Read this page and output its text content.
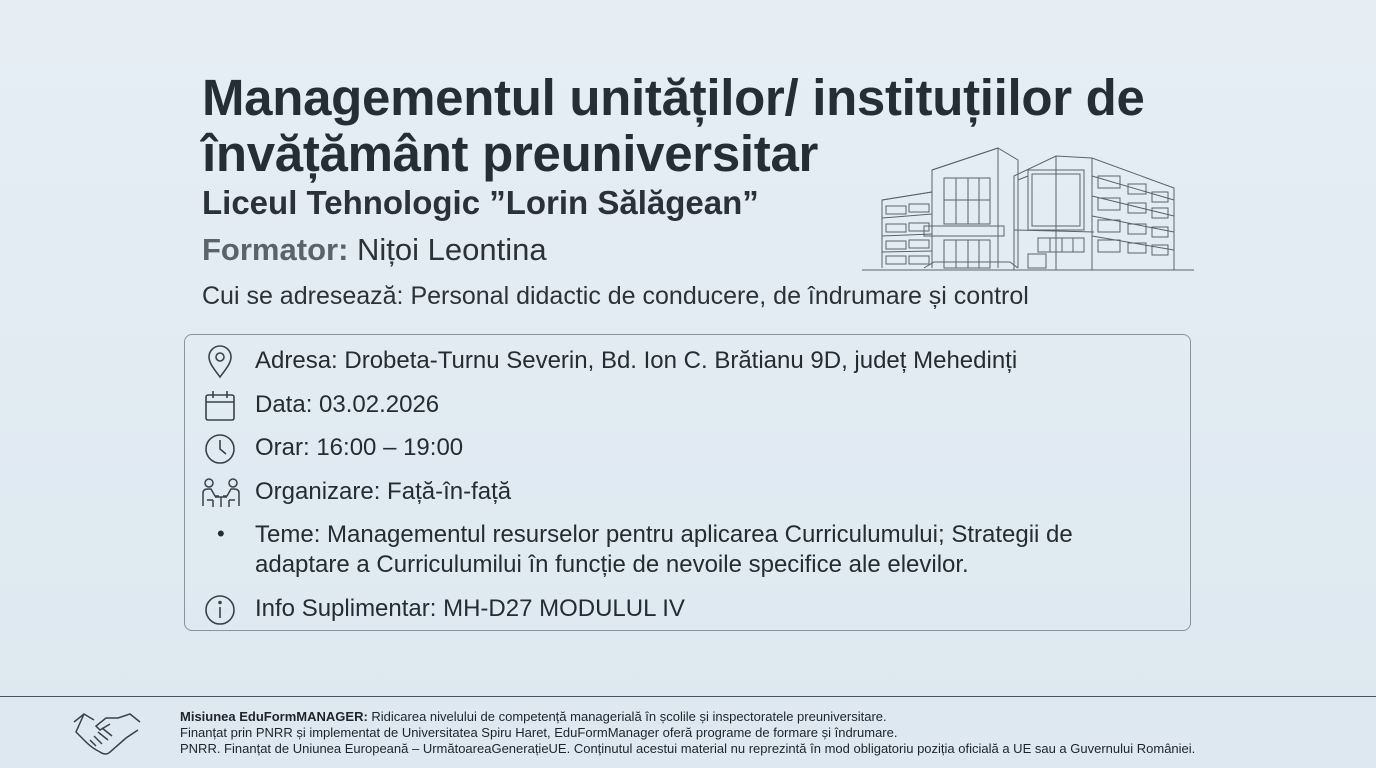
Managementul unităților/ instituțiilor de învățământ preuniversitar
Liceul Tehnologic ”Lorin Sălăgean”
Formator: Nițoi Leontina
Cui se adresează: Personal didactic de conducere, de îndrumare și control
Adresa: Drobeta-Turnu Severin, Bd. Ion C. Brătianu 9D, județ Mehedinți
Data: 03.02.2026
Orar: 16:00 – 19:00
Organizare: Față-în-față
• Teme: Managementul resurselor pentru aplicarea Curriculumului; Strategii de
adaptare a Curriculumilui în funcție de nevoile specifice ale elevilor.
Info Suplimentar: MH-D27 MODULUL IV
Misiunea EduFormMANAGER: Ridicarea nivelului de competență managerială în școlile și inspectoratele preuniversitare.
Finanțat prin PNRR și implementat de Universitatea Spiru Haret, EduFormManager oferă programe de formare și îndrumare.
PNRR. Finanțat de Uniunea Europeană – UrmătoareaGenerațieUE. Conținutul acestui material nu reprezintă în mod obligatoriu poziția oficială a UE sau a Guvernului României.
